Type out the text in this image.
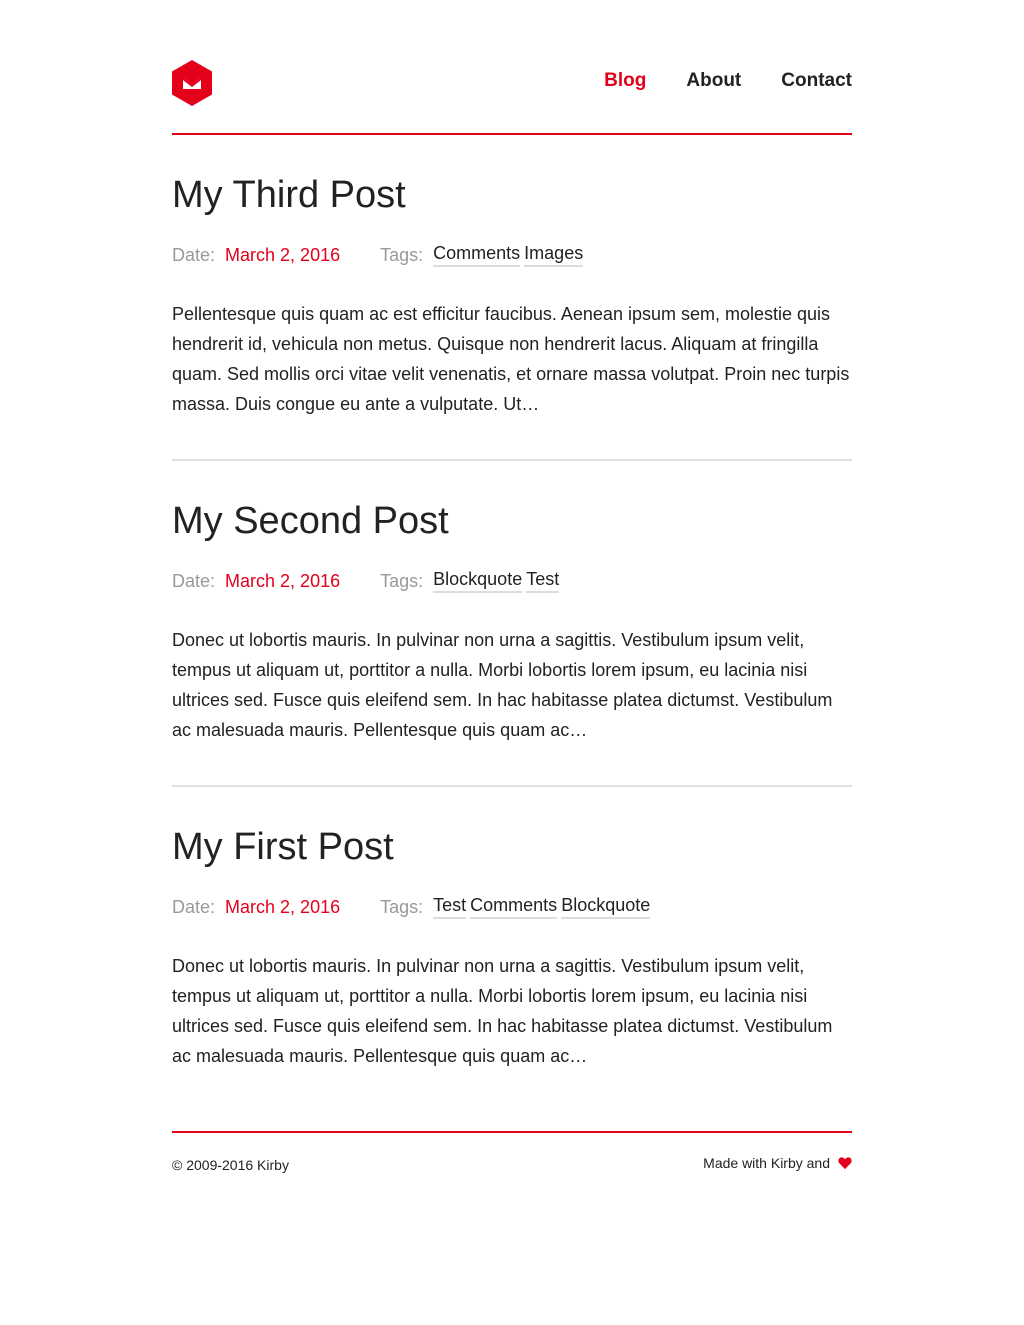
Blog About Contact
My Third Post
Date: March 2, 2016 Tags: Comments Images

Pellentesque quis quam ac est efficitur faucibus. Aenean ipsum sem, molestie quis hendrerit id, vehicula non metus. Quisque non hendrerit lacus. Aliquam at fringilla quam. Sed mollis orci vitae velit venenatis, et ornare massa volutpat. Proin nec turpis massa. Duis congue eu ante a vulputate. Ut…

My Second Post
Date: March 2, 2016 Tags: Blockquote Test

Donec ut lobortis mauris. In pulvinar non urna a sagittis. Vestibulum ipsum velit, tempus ut aliquam ut, porttitor a nulla. Morbi lobortis lorem ipsum, eu lacinia nisi ultrices sed. Fusce quis eleifend sem. In hac habitasse platea dictumst. Vestibulum ac malesuada mauris. Pellentesque quis quam ac…

My First Post
Date: March 2, 2016 Tags: Test Comments Blockquote

Donec ut lobortis mauris. In pulvinar non urna a sagittis. Vestibulum ipsum velit, tempus ut aliquam ut, porttitor a nulla. Morbi lobortis lorem ipsum, eu lacinia nisi ultrices sed. Fusce quis eleifend sem. In hac habitasse platea dictumst. Vestibulum ac malesuada mauris. Pellentesque quis quam ac…

© 2009-2016 Kirby	Made with Kirby and
